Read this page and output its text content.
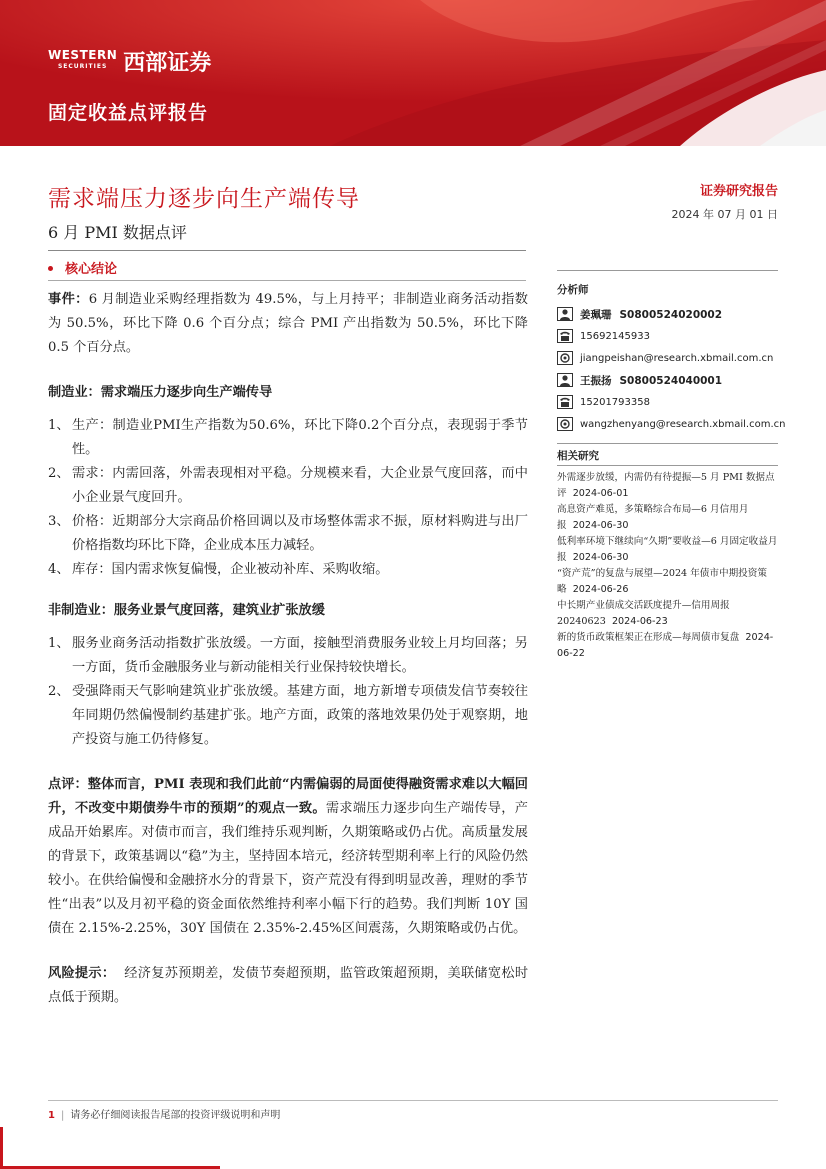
WESTERN
SECURITIES 西部证券
固定收益点评报告
需求端压力逐步向生产端传导
6 月 PMI 数据点评
证券研究报告
2024 年 07 月 01 日
核心结论

事件：6 月制造业采购经理指数为 49.5%，与上月持平；非制造业商务活动指数为 50.5%，环比下降 0.6 个百分点；综合 PMI 产出指数为 50.5%，环比下降 0.5 个百分点。

制造业：需求端压力逐步向生产端传导

1、 生产：制造业PMI生产指数为50.6%，环比下降0.2个百分点，表现弱于季节性。
2、 需求：内需回落，外需表现相对平稳。分规模来看，大企业景气度回落，而中小企业景气度回升。
3、 价格：近期部分大宗商品价格回调以及市场整体需求不振，原材料购进与出厂价格指数均环比下降，企业成本压力减轻。
4、 库存：国内需求恢复偏慢，企业被动补库、采购收缩。

非制造业：服务业景气度回落，建筑业扩张放缓

1、 服务业商务活动指数扩张放缓。一方面，接触型消费服务业较上月均回落；另一方面，货币金融服务业与新动能相关行业保持较快增长。
2、 受强降雨天气影响建筑业扩张放缓。基建方面，地方新增专项债发信节奏较往年同期仍然偏慢制约基建扩张。地产方面，政策的落地效果仍处于观察期，地产投资与施工仍待修复。

点评：整体而言，PMI 表现和我们此前“内需偏弱的局面使得融资需求难以大幅回升，不改变中期债券牛市的预期”的观点一致。需求端压力逐步向生产端传导，产成品开始累库。对债市而言，我们维持乐观判断，久期策略或仍占优。高质量发展的背景下，政策基调以“稳”为主，坚持固本培元，经济转型期利率上行的风险仍然较小。在供给偏慢和金融挤水分的背景下，资产荒没有得到明显改善，理财的季节性“出表”以及月初平稳的资金面依然维持利率小幅下行的趋势。我们判断 10Y 国债在 2.15%-2.25%，30Y 国债在 2.35%-2.45%区间震荡，久期策略或仍占优。

风险提示： 经济复苏预期差，发债节奏超预期，监管政策超预期，美联储宽松时点低于预期。

分析师
姜珮珊 S0800524020002
15692145933
jiangpeishan@research.xbmail.com.cn
王振扬 S0800524040001
15201793358
wangzhenyang@research.xbmail.com.cn
相关研究

外需逐步放缓，内需仍有待提振—5 月 PMI 数据点评 2024-06-01

高息资产难觅，多策略综合布局—6 月信用月报 2024-06-30

低利率环境下继续向“久期”要收益—6 月固定收益月报 2024-06-30

“资产荒”的复盘与展望—2024 年债市中期投资策略 2024-06-26

中长期产业债成交活跃度提升—信用周报 20240623 2024-06-23

新的货币政策框架正在形成—每周债市复盘 2024-06-22

1 | 请务必仔细阅读报告尾部的投资评级说明和声明
